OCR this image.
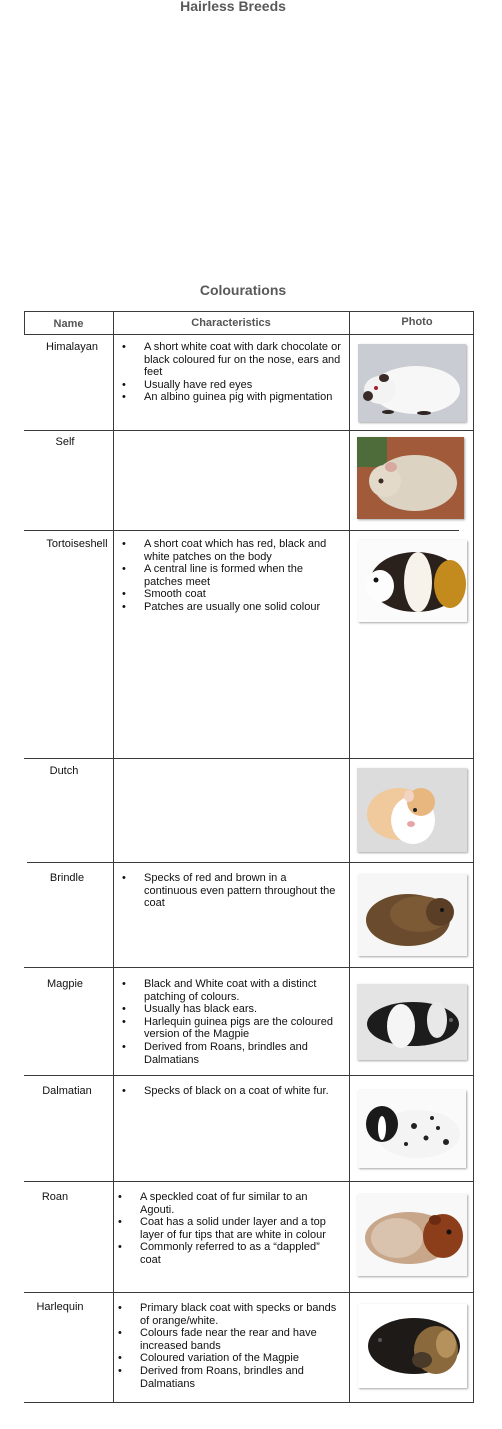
Hairless Breeds
Colourations
Name	Characteristics	Photo
Himalayan	• A short white coat with dark chocolate or black coloured fur on the nose, ears and feet
• Usually have red eyes
• An albino guinea pig with pigmentation
Self
Tortoiseshell	• A short coat which has red, black and white patches on the body
• A central line is formed when the patches meet
• Smooth coat
• Patches are usually one solid colour
Dutch
Brindle	• Specks of red and brown in a continuous even pattern throughout the coat
Magpie	• Black and White coat with a distinct patching of colours.
• Usually has black ears.
• Harlequin guinea pigs are the coloured version of the Magpie
• Derived from Roans, brindles and Dalmatians
Dalmatian	• Specks of black on a coat of white fur.
Roan	• A speckled coat of fur similar to an Agouti.
• Coat has a solid under layer and a top layer of fur tips that are white in colour
• Commonly referred to as a “dappled” coat
Harlequin	• Primary black coat with specks or bands of orange/white.
• Colours fade near the rear and have increased bands
• Coloured variation of the Magpie
• Derived from Roans, brindles and Dalmatians
